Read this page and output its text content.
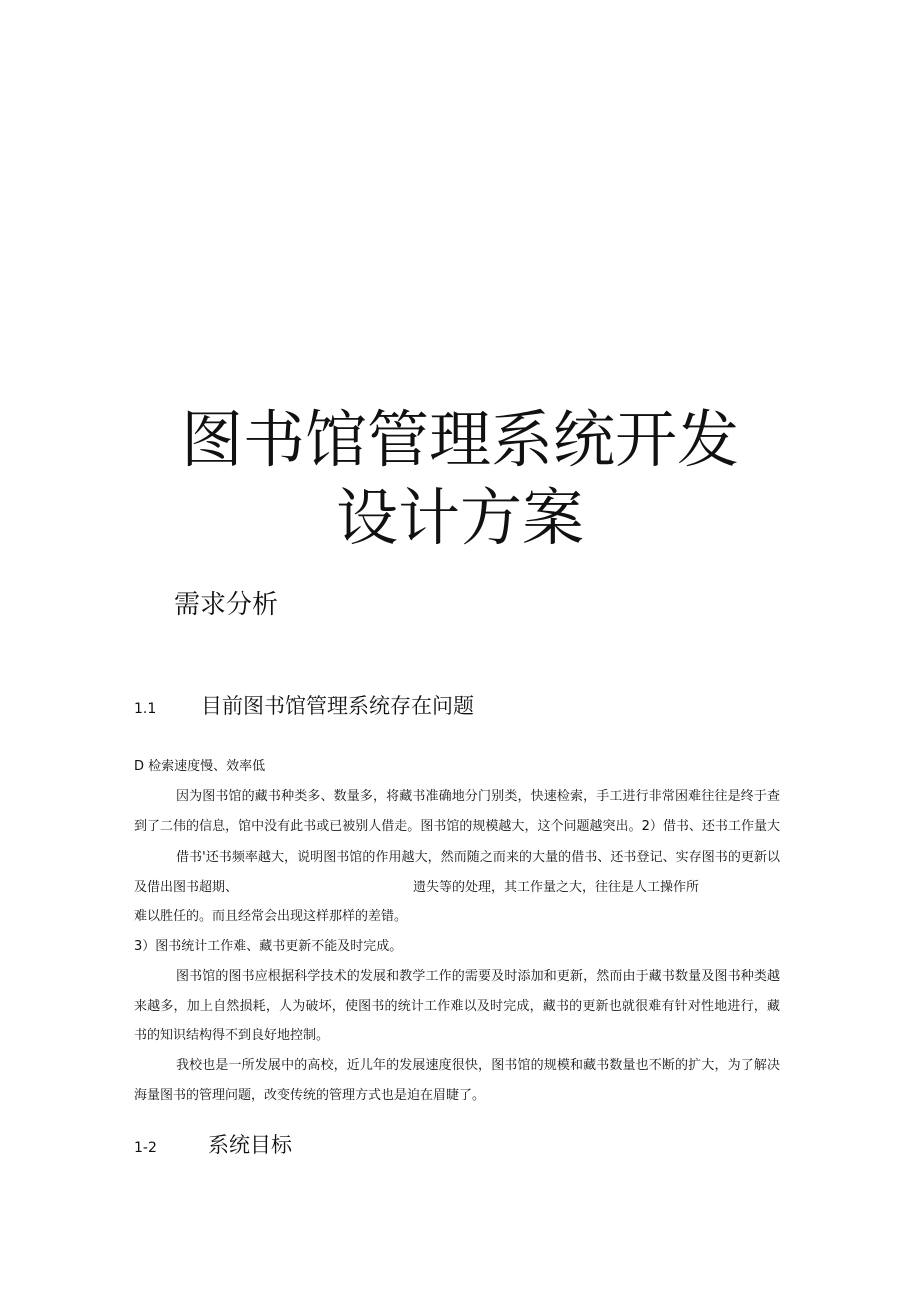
图书馆管理系统开发
设计方案
需求分析
1.1 目前图书馆管理系统存在问题
D 检索速度慢、效率低
因为图书馆的藏书种类多、数量多，将藏书准确地分门别类，快速检索，手工进行非常困难往往是终于查
到了二伟的信息，馆中没有此书或已被别人借走。图书馆的规模越大，这个问题越突出。2）借书、还书工作量大
借书'还书频率越大，说明图书馆的作用越大，然而随之而来的大量的借书、还书登记、实存图书的更新以
及借出图书超期、	遗失等的处理，其工作量之大，往往是人工操作所
难以胜任的。而且经常会出现这样那样的差错。
3）图书统计工作难、藏书更新不能及时完成。
图书馆的图书应根据科学技术的发展和教学工作的需要及时添加和更新，然而由于藏书数量及图书种类越
来越多，加上自然损耗，人为破坏，使图书的统计工作难以及时完成，藏书的更新也就很难有针对性地进行，藏
书的知识结构得不到良好地控制。
我校也是一所发展中的高校，近儿年的发展速度很快，图书馆的规模和藏书数量也不断的扩大，为了解决
海量图书的管理问题，改变传统的管理方式也是迫在眉睫了。
1-2 系统目标
